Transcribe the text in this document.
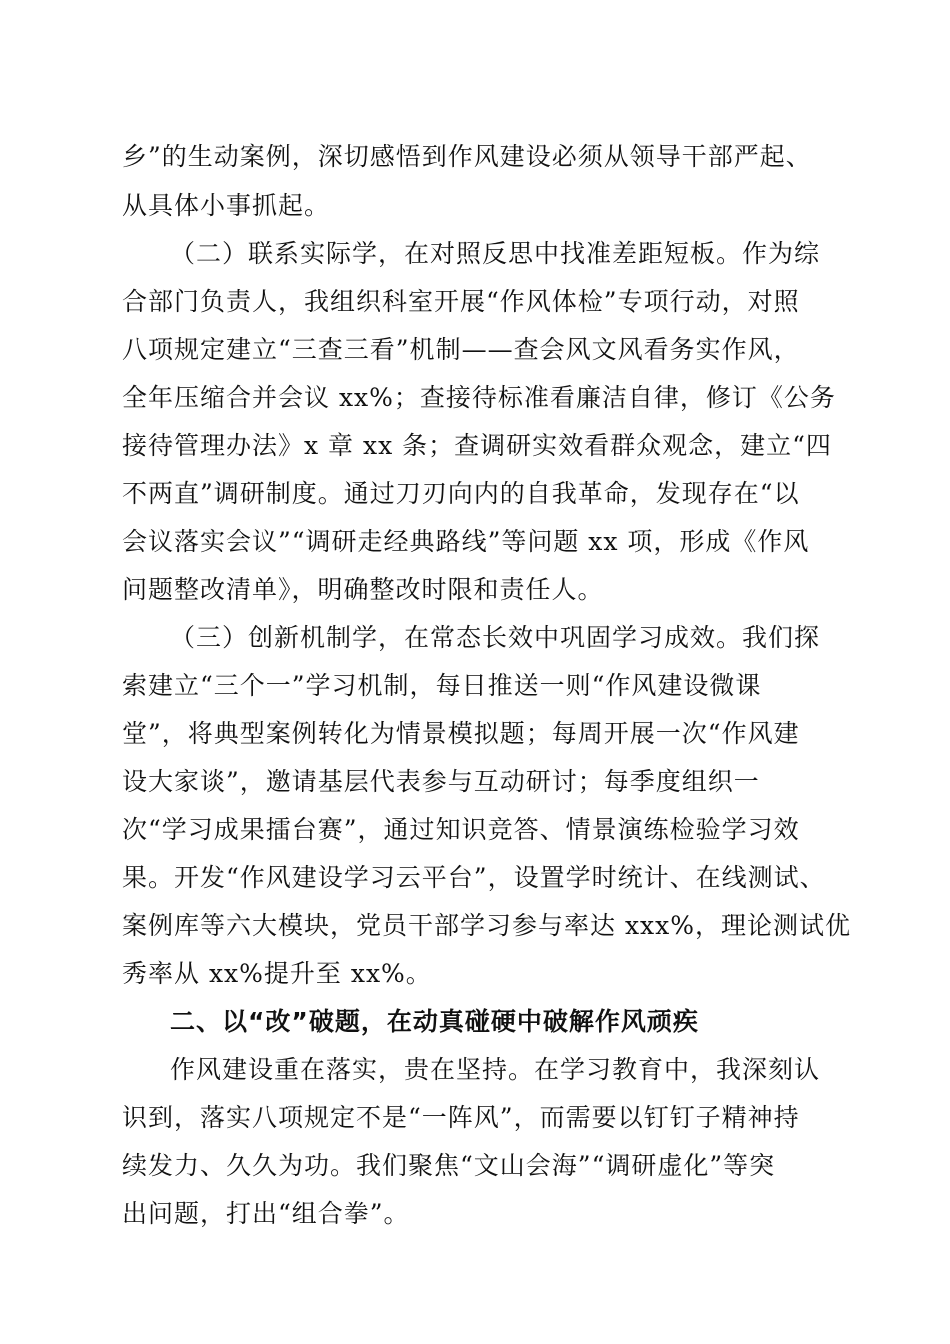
乡”的生动案例，深切感悟到作风建设必须从领导干部严起、
从具体小事抓起。
（二）联系实际学，在对照反思中找准差距短板。作为综
合部门负责人，我组织科室开展“作风体检”专项行动，对照
八项规定建立“三查三看”机制——查会风文风看务实作风，
全年压缩合并会议 xx%；查接待标准看廉洁自律，修订《公务
接待管理办法》x 章 xx 条；查调研实效看群众观念，建立“四
不两直”调研制度。通过刀刃向内的自我革命，发现存在“以
会议落实会议”“调研走经典路线”等问题 xx 项，形成《作风
问题整改清单》，明确整改时限和责任人。
（三）创新机制学，在常态长效中巩固学习成效。我们探
索建立“三个一”学习机制，每日推送一则“作风建设微课
堂”，将典型案例转化为情景模拟题；每周开展一次“作风建
设大家谈”，邀请基层代表参与互动研讨；每季度组织一
次“学习成果擂台赛”，通过知识竞答、情景演练检验学习效
果。开发“作风建设学习云平台”，设置学时统计、在线测试、
案例库等六大模块，党员干部学习参与率达 xxx%，理论测试优
秀率从 xx%提升至 xx%。
二、以“改”破题，在动真碰硬中破解作风顽疾
作风建设重在落实，贵在坚持。在学习教育中，我深刻认
识到，落实八项规定不是“一阵风”，而需要以钉钉子精神持
续发力、久久为功。我们聚焦“文山会海”“调研虚化”等突
出问题，打出“组合拳”。
